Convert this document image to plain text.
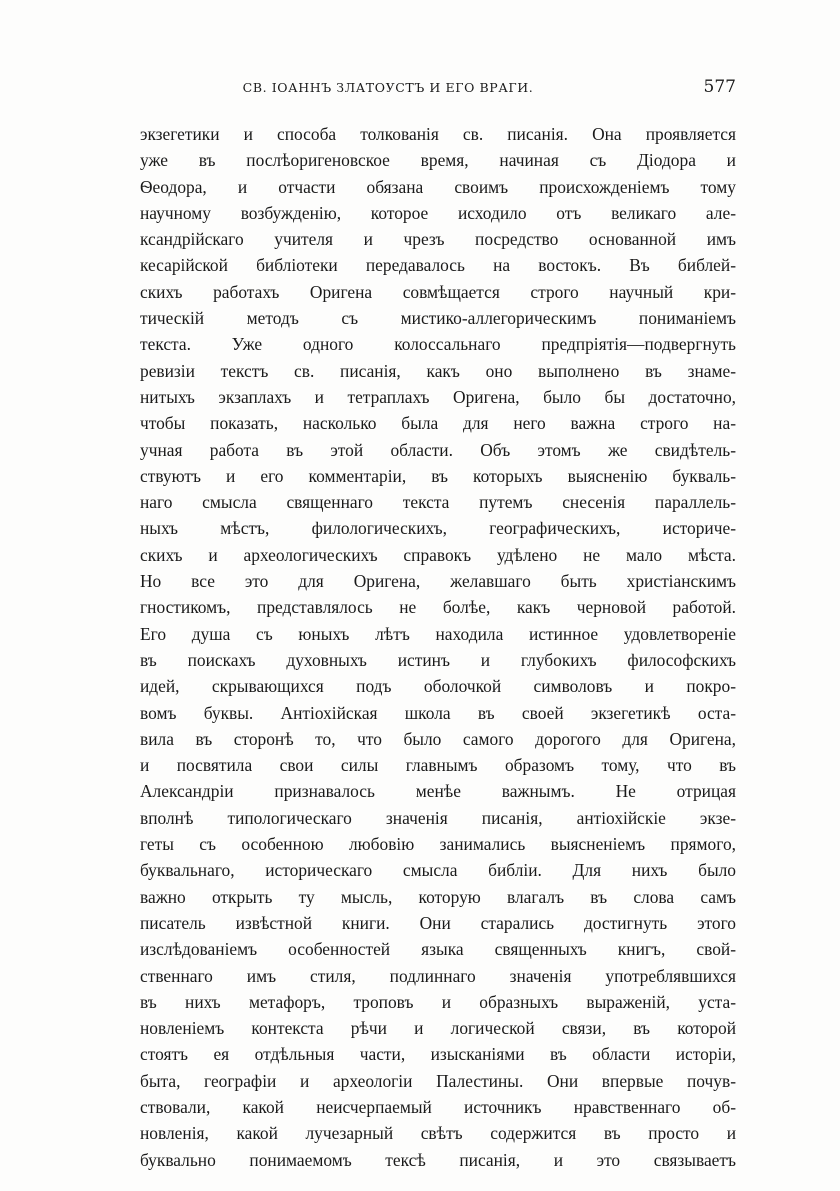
СВ. ІОАННЪ ЗЛАТОУСТЪ И ЕГО ВРАГИ.	577
экзегетики и способа толкованія св. писанія. Она проявляется
уже въ послѣоригеновское время, начиная съ Діодора и
Ѳеодора, и отчасти обязана своимъ происхожденіемъ тому
научному возбужденію, которое исходило отъ великаго але-
ксандрійскаго учителя и чрезъ посредство основанной имъ
кесарійской библіотеки передавалось на востокъ. Въ библей-
скихъ работахъ Оригена совмѣщается строго научный кри-
тическій методъ съ мистико-аллегорическимъ пониманіемъ
текста. Уже одного колоссальнаго предпріятія—подвергнуть
ревизіи текстъ св. писанія, какъ оно выполнено въ знаме-
нитыхъ экзаплахъ и тетраплахъ Оригена, было бы достаточно,
чтобы показать, насколько была для него важна строго на-
учная работа въ этой области. Объ этомъ же свидѣтель-
ствуютъ и его комментаріи, въ которыхъ выясненію букваль-
наго смысла священнаго текста путемъ снесенія параллель-
ныхъ мѣстъ, филологическихъ, географическихъ, историче-
скихъ и археологическихъ справокъ удѣлено не мало мѣста.
Но все это для Оригена, желавшаго быть христіанскимъ
гностикомъ, представлялось не болѣе, какъ черновой работой.
Его душа съ юныхъ лѣтъ находила истинное удовлетвореніе
въ поискахъ духовныхъ истинъ и глубокихъ философскихъ
идей, скрывающихся подъ оболочкой символовъ и покро-
вомъ буквы. Антіохійская школа въ своей экзегетикѣ оста-
вила въ сторонѣ то, что было самого дорогого для Оригена,
и посвятила свои силы главнымъ образомъ тому, что въ
Александріи признавалось менѣе важнымъ. Не отрицая
вполнѣ типологическаго значенія писанія, антіохійскіе экзе-
геты съ особенною любовію занимались выясненіемъ прямого,
буквальнаго, историческаго смысла библіи. Для нихъ было
важно открыть ту мысль, которую влагалъ въ слова самъ
писатель извѣстной книги. Они старались достигнуть этого
изслѣдованіемъ особенностей языка священныхъ книгъ, свой-
ственнаго имъ стиля, подлиннаго значенія употреблявшихся
въ нихъ метафоръ, троповъ и образныхъ выраженій, уста-
новленіемъ контекста рѣчи и логической связи, въ которой
стоятъ ея отдѣльныя части, изысканіями въ области исторіи,
быта, географіи и археологіи Палестины. Они впервые почув-
ствовали, какой неисчерпаемый источникъ нравственнаго об-
новленія, какой лучезарный свѣтъ содержится въ просто и
буквально понимаемомъ тексѣ писанія, и это связываетъ
